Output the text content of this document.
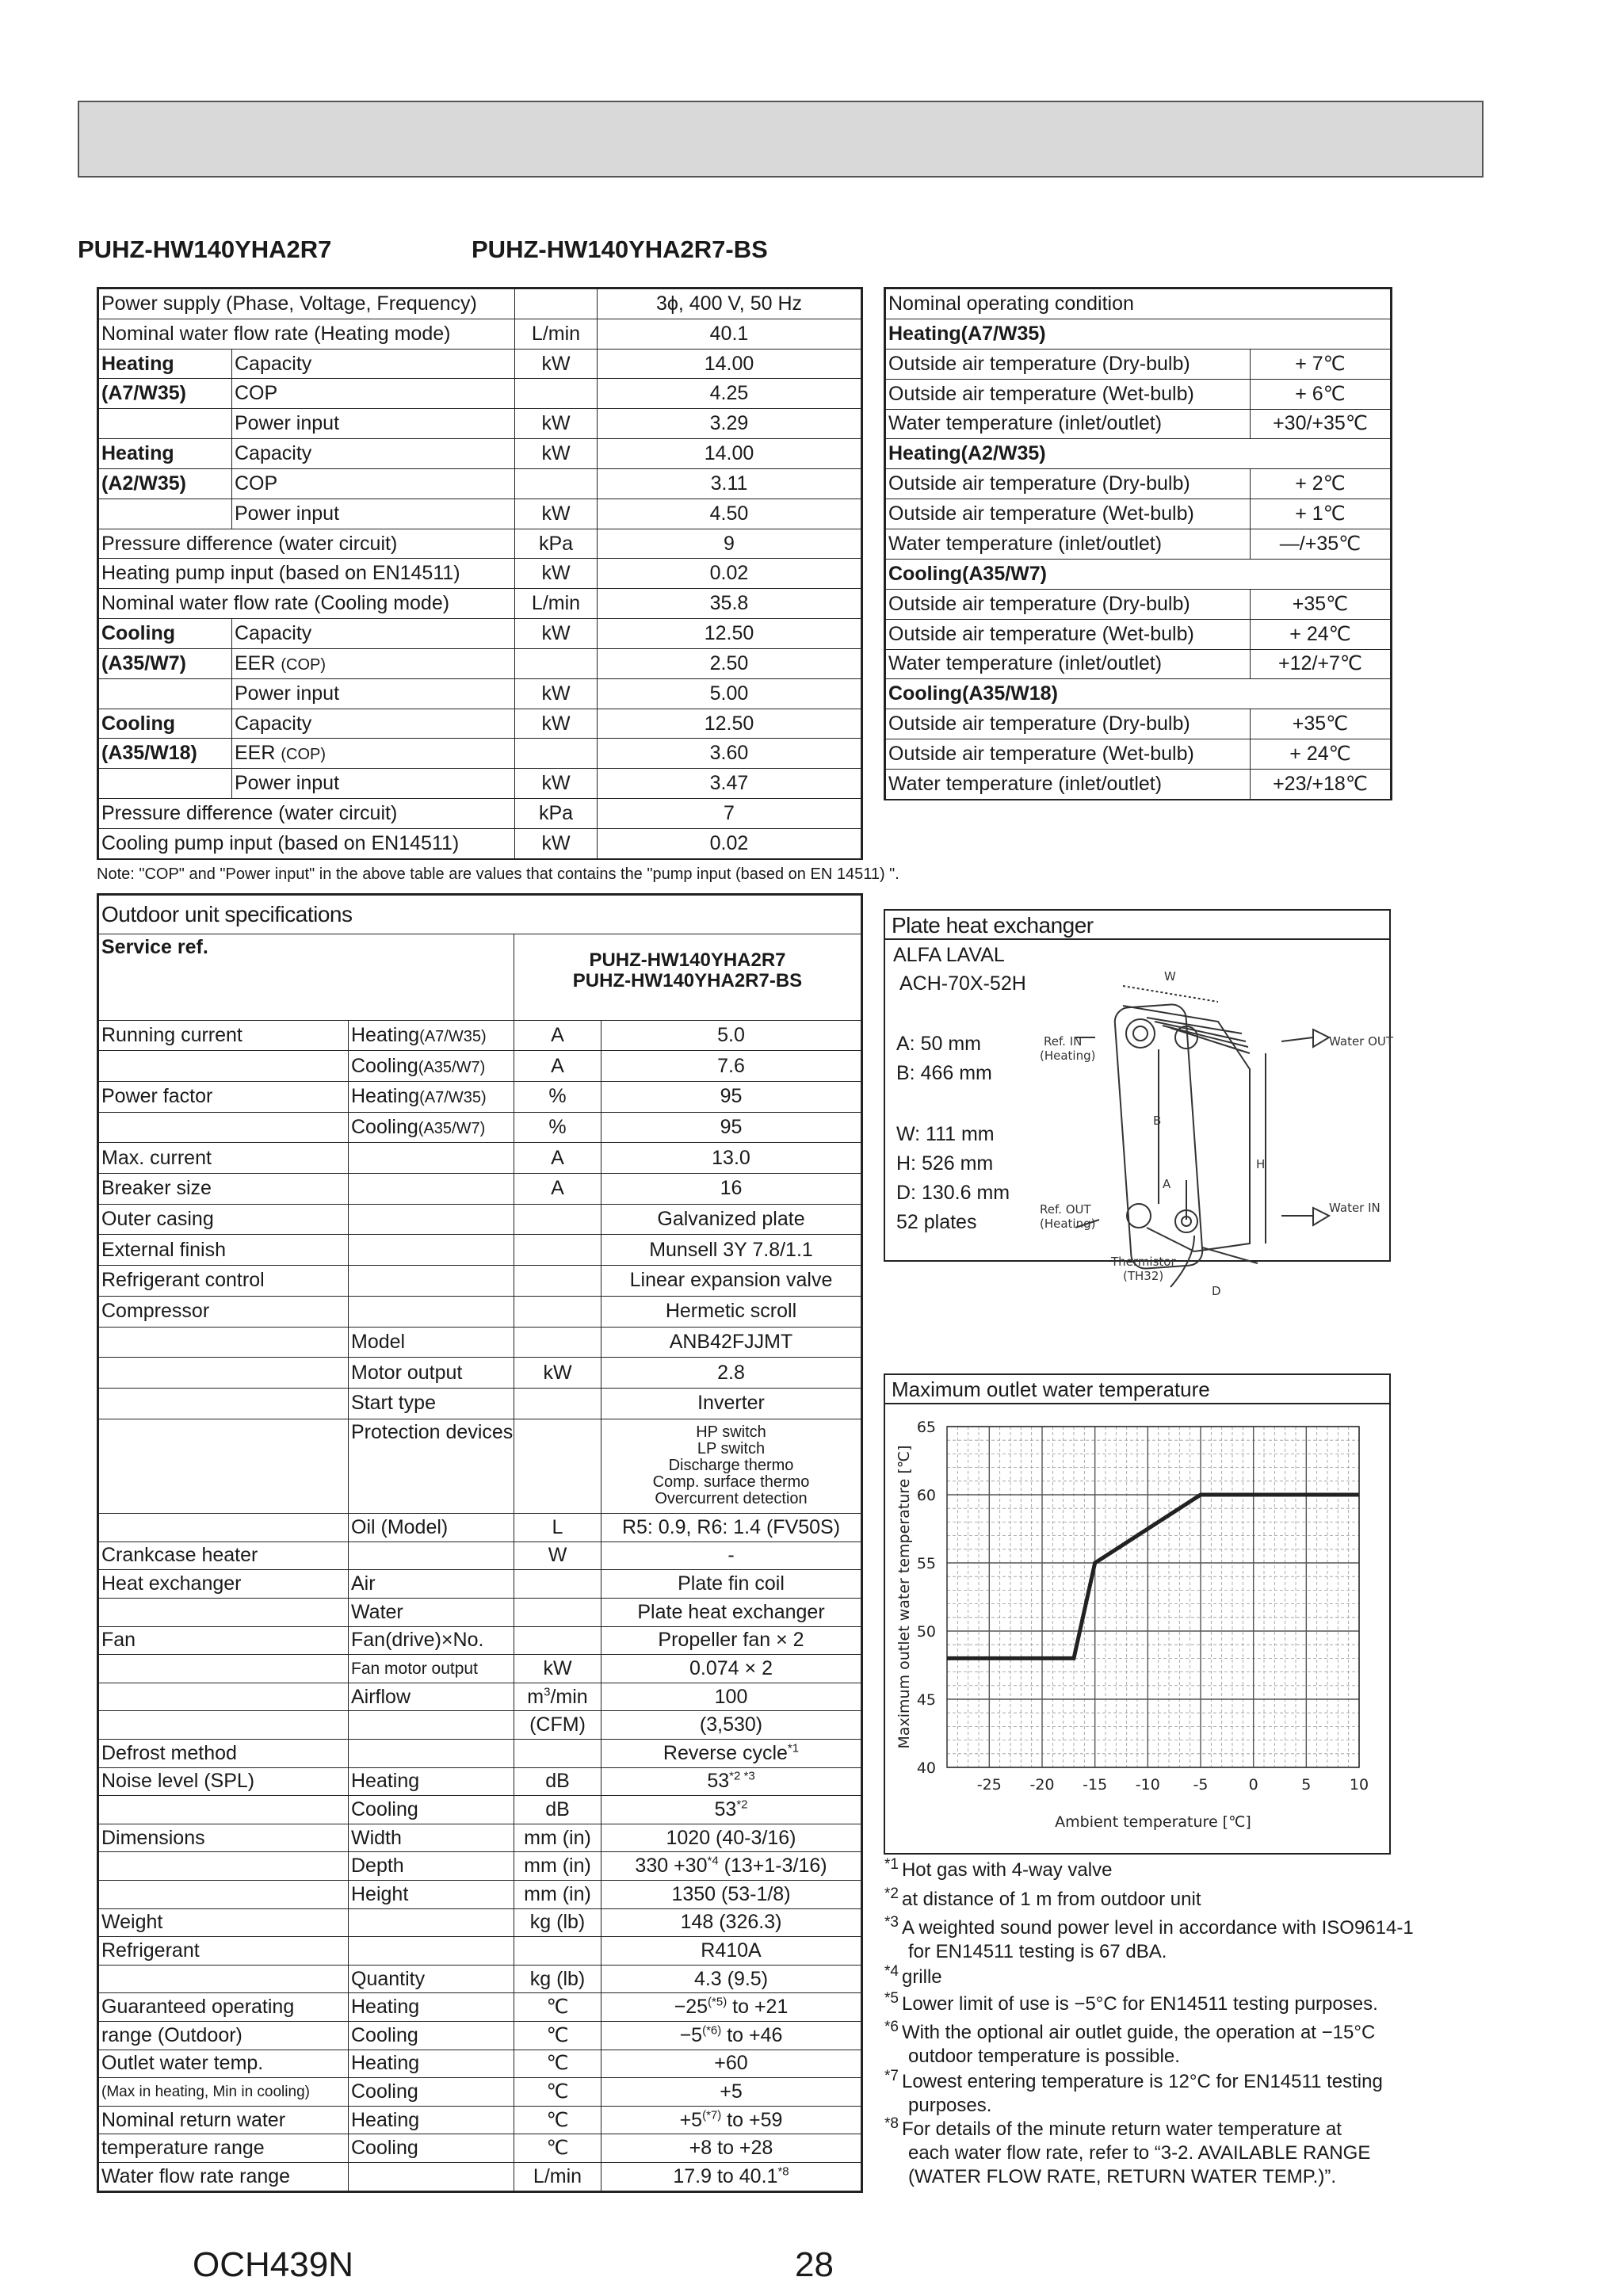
PUHZ-HW140YHA2R7	PUHZ-HW140YHA2R7-BS
Power supply (Phase, Voltage, Frequency)			3ϕ, 400 V, 50 Hz
Nominal water flow rate (Heating mode)		L/min	40.1
Heating	Capacity	kW	14.00
(A7/W35)	COP		4.25
	Power input	kW	3.29
Heating	Capacity	kW	14.00
(A2/W35)	COP		3.11
	Power input	kW	4.50
Pressure difference (water circuit)		kPa	9
Heating pump input (based on EN14511)		kW	0.02
Nominal water flow rate (Cooling mode)		L/min	35.8
Cooling	Capacity	kW	12.50
(A35/W7)	EER (COP)		2.50
	Power input	kW	5.00
Cooling	Capacity	kW	12.50
(A35/W18)	EER (COP)		3.60
	Power input	kW	3.47
Pressure difference (water circuit)		kPa	7
Cooling pump input (based on EN14511)		kW	0.02
Note: "COP" and "Power input" in the above table are values that contains the "pump input (based on EN 14511) ".
Nominal operating condition	
Heating(A7/W35)	
Outside air temperature (Dry-bulb)	+ 7℃
Outside air temperature (Wet-bulb)	+ 6℃
Water temperature (inlet/outlet)	+30/+35℃
Heating(A2/W35)	
Outside air temperature (Dry-bulb)	+ 2℃
Outside air temperature (Wet-bulb)	+ 1℃
Water temperature (inlet/outlet)	—/+35℃
Cooling(A35/W7)	
Outside air temperature (Dry-bulb)	+35℃
Outside air temperature (Wet-bulb)	+ 24℃
Water temperature (inlet/outlet)	+12/+7℃
Cooling(A35/W18)	
Outside air temperature (Dry-bulb)	+35℃
Outside air temperature (Wet-bulb)	+ 24℃
Water temperature (inlet/outlet)	+23/+18℃
Outdoor unit specifications			
Service ref.		PUHZ-HW140YHA2R7
PUHZ-HW140YHA2R7-BS	

Running current	Heating(A7/W35)	A	5.0
	Cooling(A35/W7)	A	7.6
Power factor	Heating(A7/W35)	%	95
	Cooling(A35/W7)	%	95
Max. current		A	13.0
Breaker size		A	16
Outer casing			Galvanized plate
External finish			Munsell 3Y 7.8/1.1
Refrigerant control			Linear expansion valve
Compressor			Hermetic scroll
	Model		ANB42FJJMT
	Motor output	kW	2.8
	Start type		Inverter
	Protection devices		HP switch
LP switch
Discharge thermo
Comp. surface thermo
Overcurrent detection

	Oil (Model)	L	R5: 0.9, R6: 1.4 (FV50S)
Crankcase heater		W	-
Heat exchanger	Air		Plate fin coil
	Water		Plate heat exchanger
Fan	Fan(drive)×No.		Propeller fan × 2
	Fan motor output	kW	0.074 × 2
	Airflow	$m^3/\min$	100
		(CFM)	(3,530)
Defrost method			Reverse cycle$^{*1}$
Noise level (SPL)	Heating	dB	$53^{*2 *3}$
	Cooling	dB	53$^{*2}$
Dimensions	Width	mm (in)	1020 (40-3/16)
	Depth	mm (in)	$330 +30^{*4}$ (13+1-3/16)
	Height	mm (in)	1350 (53-1/8)
Weight		kg (lb)	148 (326.3)
Refrigerant			R410A
	Quantity	kg (lb)	4.3 (9.5)
Guaranteed operating	Heating	℃	$-25^{(*5)}$ to +21
range (Outdoor)	Cooling	℃	$-5^{(*6)}$ to +46
Outlet water temp.	Heating	℃	+60
(Max in heating, Min in cooling)	Cooling	℃	+5
Nominal return water	Heating	℃	$+5^{(*7)}$ to +59
temperature range	Cooling	℃	+8 to +28
Water flow rate range		L/min	17.9 to 40.1$^{*8}$
Plate heat exchanger
ALFA LAVAL
ACH-70X-52H
A: 50 mm
B: 466 mm
W: 111 mm
H: 526 mm
D: 130.6 mm
52 plates
Ref. IN
(Heating)
Water OUT
Ref. OUT
(Heating)
Water IN
Thermistor
(TH32)
W
B
A
H
D
Maximum outlet water temperature
-25 -20 -15 -10 -5	0	5	10
40
45
50
55
60
65
Ambient temperature [℃]
Maximum outlet water temperature [℃]
$^{*1}$ Hot gas with 4-way valve
$^{*2}$ at distance of 1 m from outdoor unit
$^{*3}$ A weighted sound power level in accordance with ISO9614-1
for EN14511 testing is 67 dBA.
$^{*4}$ grille
$^{*5}$ Lower limit of use is −5°C for EN14511 testing purposes.
$^{*6}$ With the optional air outlet guide, the operation at −15°C
outdoor temperature is possible.
$^{*7}$ Lowest entering temperature is 12°C for EN14511 testing
purposes.
$^{*8}$ For details of the minute return water temperature at
each water flow rate, refer to “3-2. AVAILABLE RANGE
(WATER FLOW RATE, RETURN WATER TEMP.)”.
OCH439N	28
